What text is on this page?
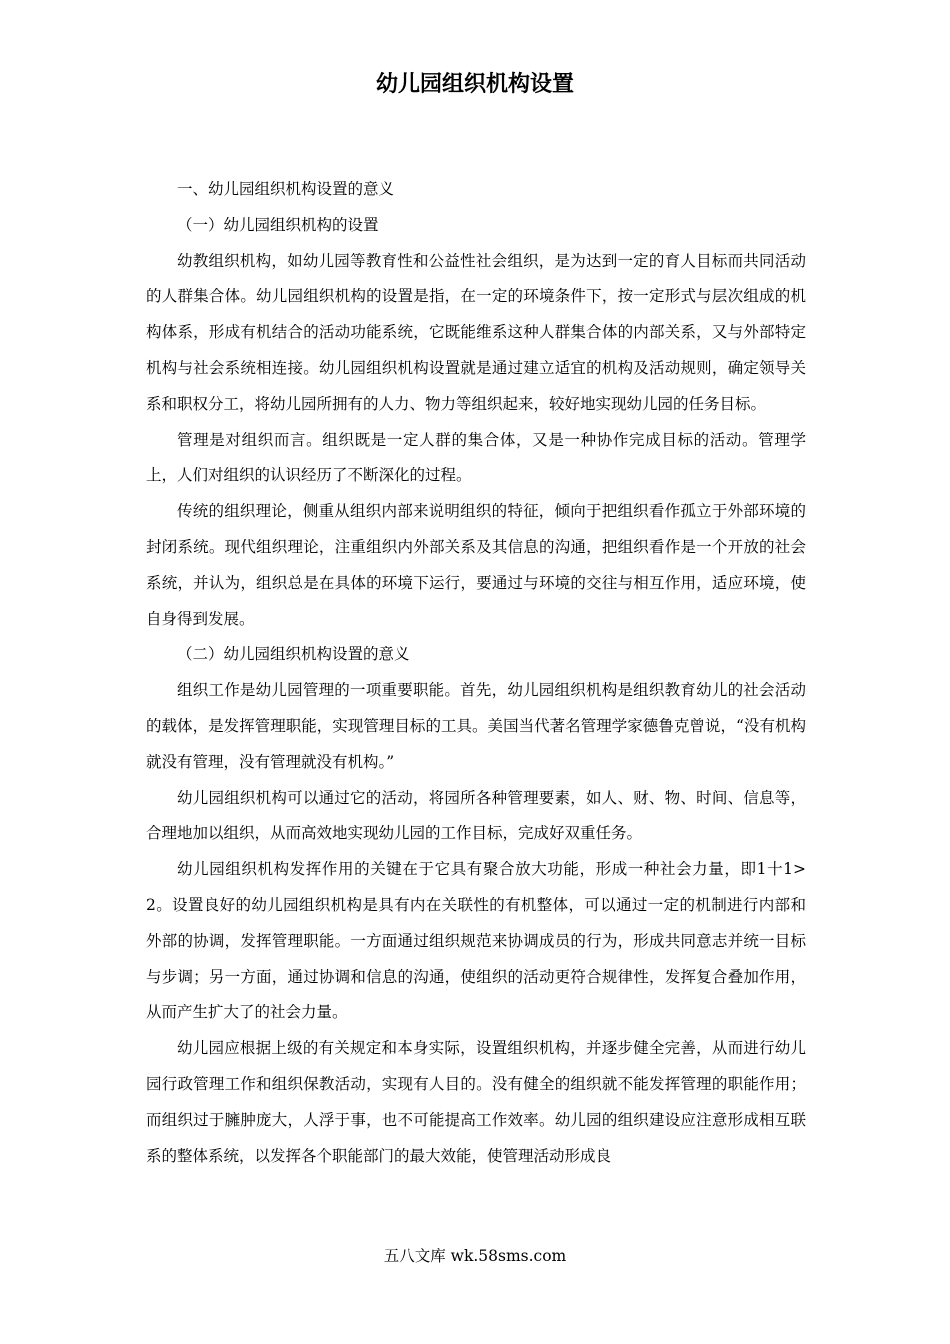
幼儿园组织机构设置

一、幼儿园组织机构设置的意义

（一）幼儿园组织机构的设置

幼教组织机构，如幼儿园等教育性和公益性社会组织，是为达到一定的育人目标而共同活动的人群集合体。幼儿园组织机构的设置是指，在一定的环境条件下，按一定形式与层次组成的机构体系，形成有机结合的活动功能系统，它既能维系这种人群集合体的内部关系，又与外部特定机构与社会系统相连接。幼儿园组织机构设置就是通过建立适宜的机构及活动规则，确定领导关系和职权分工，将幼儿园所拥有的人力、物力等组织起来，较好地实现幼儿园的任务目标。

管理是对组织而言。组织既是一定人群的集合体，又是一种协作完成目标的活动。管理学上，人们对组织的认识经历了不断深化的过程。

传统的组织理论，侧重从组织内部来说明组织的特征，倾向于把组织看作孤立于外部环境的封闭系统。现代组织理论，注重组织内外部关系及其信息的沟通，把组织看作是一个开放的社会系统，并认为，组织总是在具体的环境下运行，要通过与环境的交往与相互作用，适应环境，使自身得到发展。

（二）幼儿园组织机构设置的意义

组织工作是幼儿园管理的一项重要职能。首先，幼儿园组织机构是组织教育幼儿的社会活动的载体，是发挥管理职能，实现管理目标的工具。美国当代著名管理学家德鲁克曾说，“没有机构就没有管理，没有管理就没有机构。”

幼儿园组织机构可以通过它的活动，将园所各种管理要素，如人、财、物、时间、信息等，合理地加以组织，从而高效地实现幼儿园的工作目标，完成好双重任务。

幼儿园组织机构发挥作用的关键在于它具有聚合放大功能，形成一种社会力量，即1十1>2。设置良好的幼儿园组织机构是具有内在关联性的有机整体，可以通过一定的机制进行内部和外部的协调，发挥管理职能。一方面通过组织规范来协调成员的行为，形成共同意志并统一目标与步调；另一方面，通过协调和信息的沟通，使组织的活动更符合规律性，发挥复合叠加作用，从而产生扩大了的社会力量。

幼儿园应根据上级的有关规定和本身实际，设置组织机构，并逐步健全完善，从而进行幼儿园行政管理工作和组织保教活动，实现有人目的。没有健全的组织就不能发挥管理的职能作用；而组织过于臃肿庞大，人浮于事，也不可能提高工作效率。幼儿园的组织建设应注意形成相互联系的整体系统，以发挥各个职能部门的最大效能，使管理活动形成良

五八文库 wk.58sms.com
